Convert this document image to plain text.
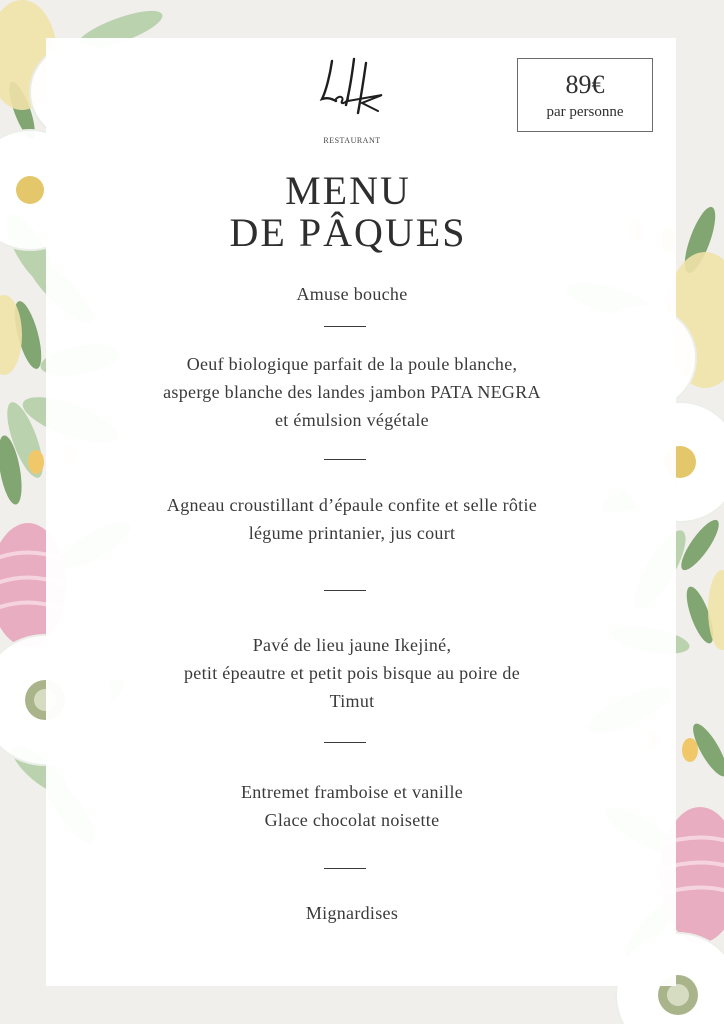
RESTAURANT
89€
par personne
MENU
DE PÂQUES
Amuse bouche
Oeuf biologique parfait de la poule blanche,
asperge blanche des landes jambon PATA NEGRA
et émulsion végétale
Agneau croustillant d’épaule confite et selle rôtie
légume printanier, jus court
Pavé de lieu jaune Ikejiné,
petit épeautre et petit pois bisque au poire de
Timut
Entremet framboise et vanille
Glace chocolat noisette
Mignardises
